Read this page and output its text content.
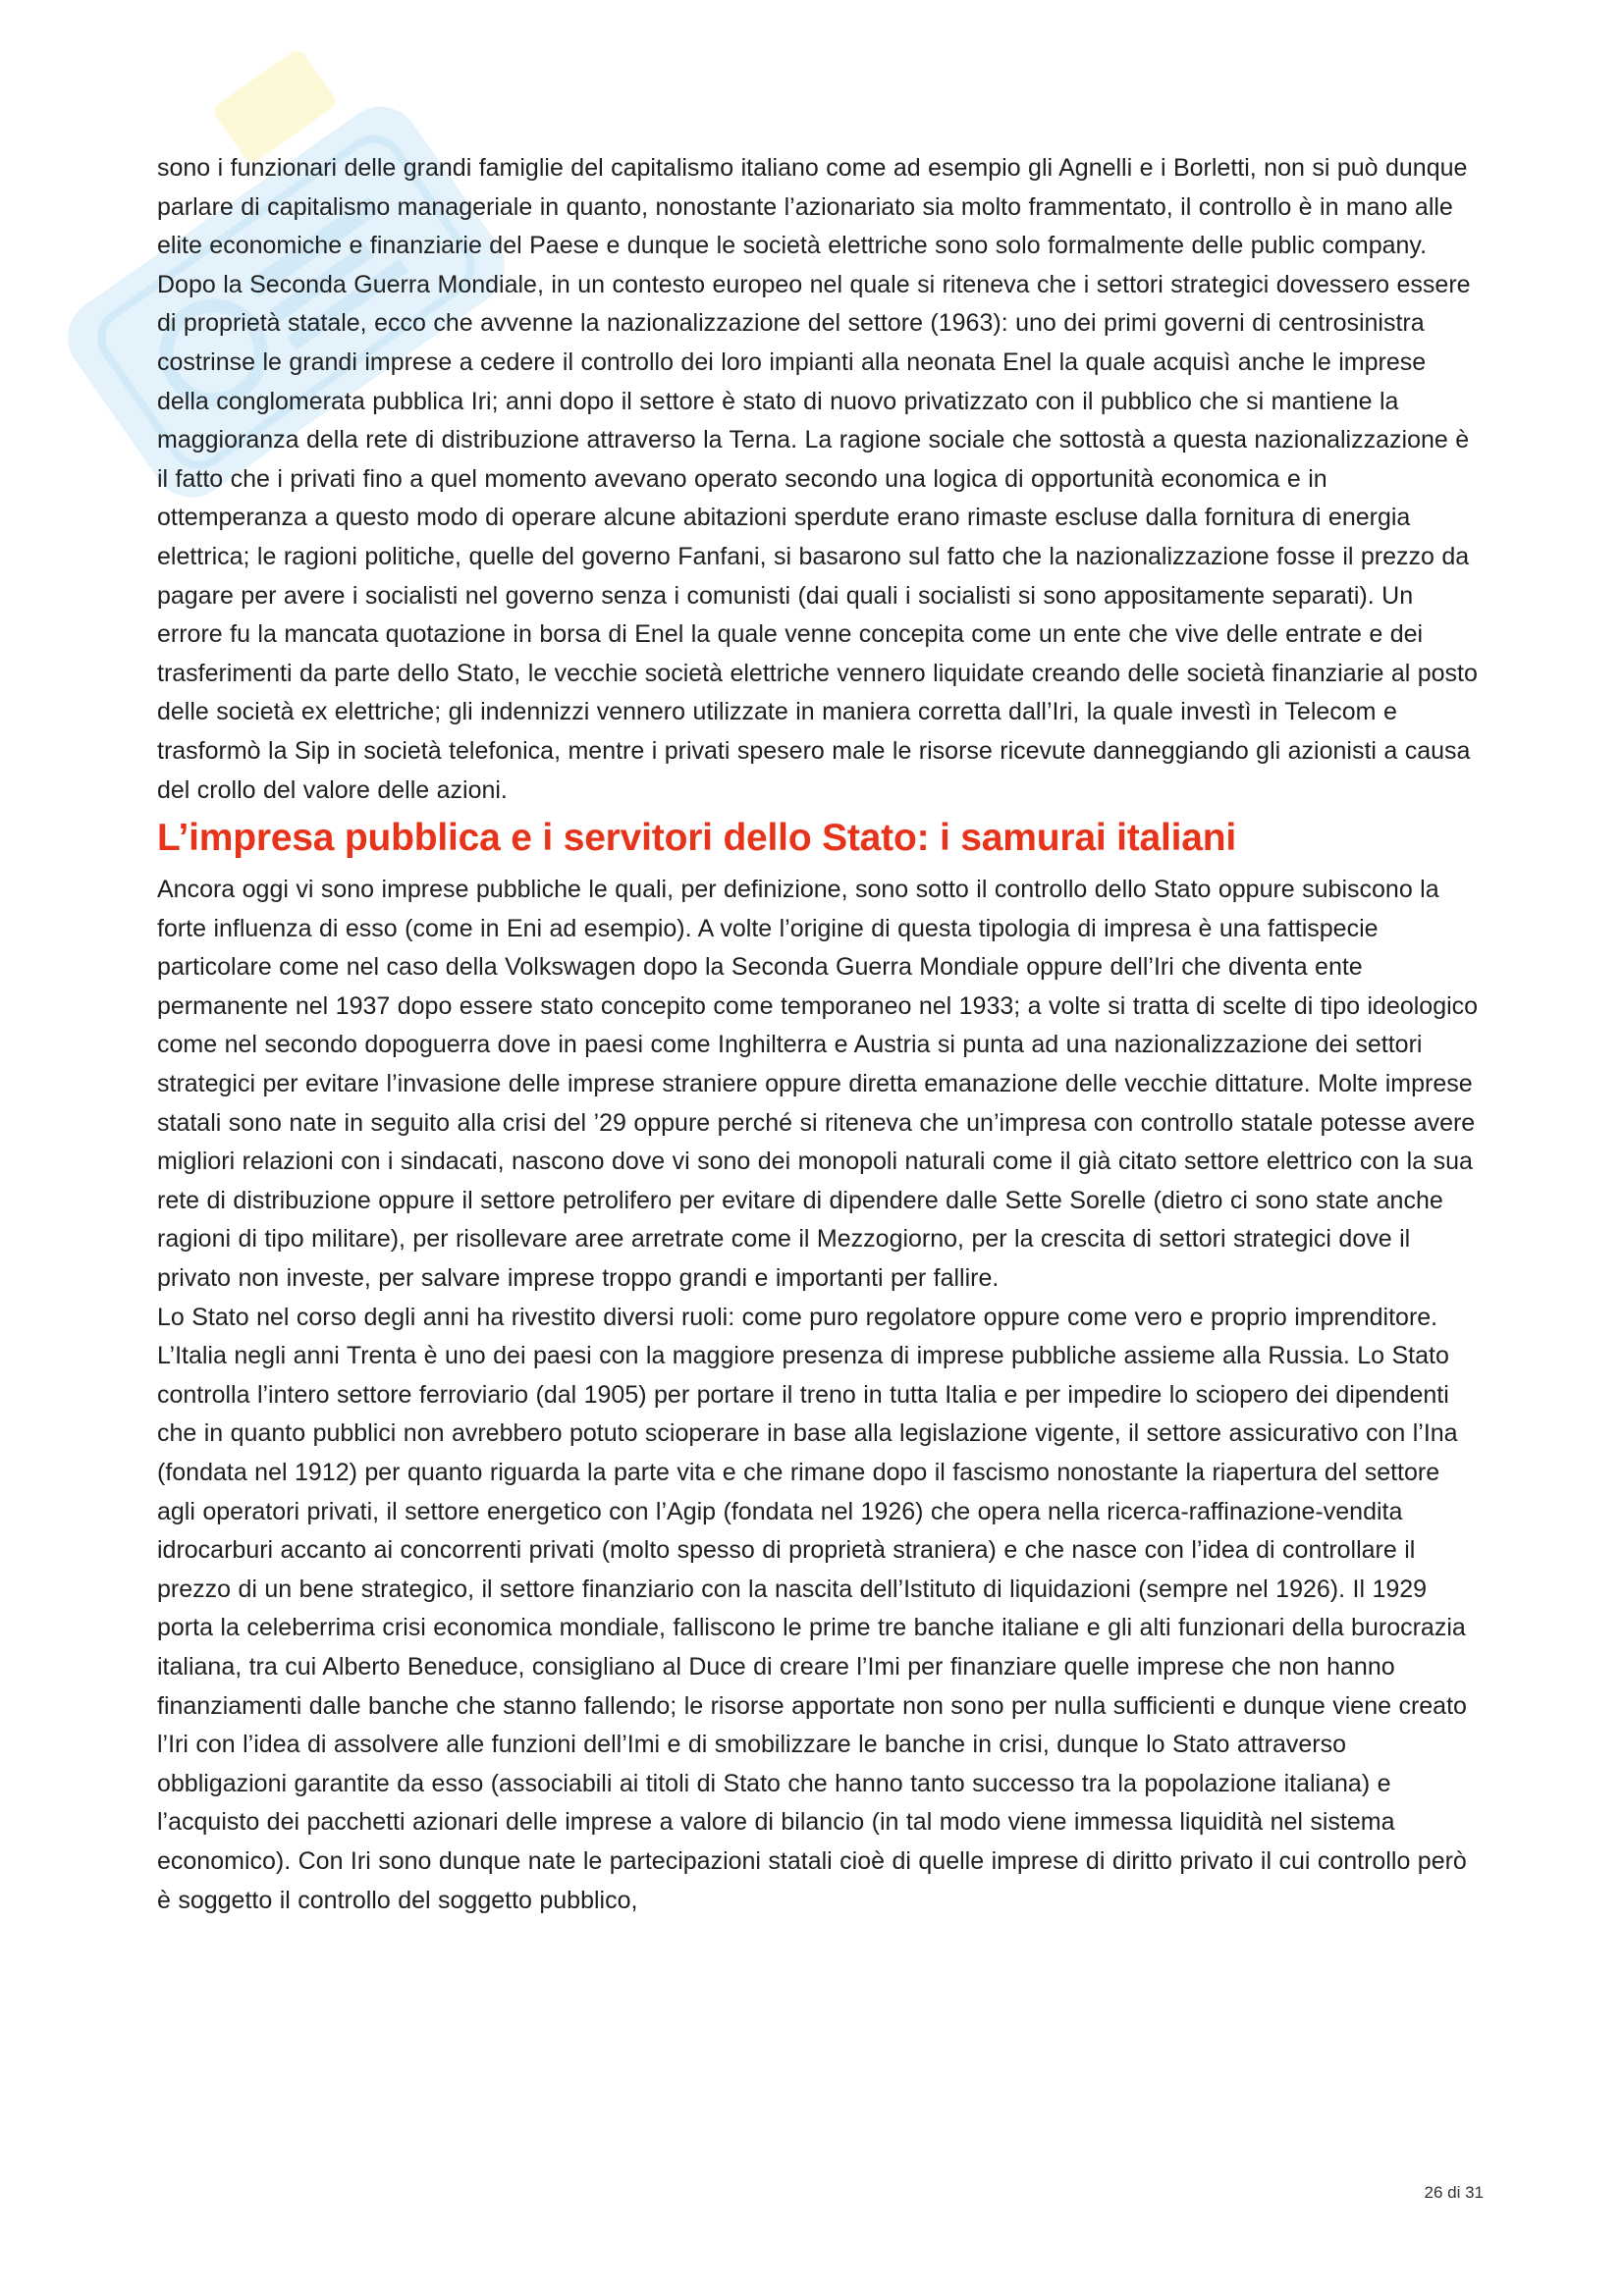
sono i funzionari delle grandi famiglie del capitalismo italiano come ad esempio gli Agnelli e i Borletti, non si può dunque parlare di capitalismo manageriale in quanto, nonostante l’azionariato sia molto frammentato, il controllo è in mano alle elite economiche e finanziarie del Paese e dunque le società elettriche sono solo formalmente delle public company.

Dopo la Seconda Guerra Mondiale, in un contesto europeo nel quale si riteneva che i settori strategici dovessero essere di proprietà statale, ecco che avvenne la nazionalizzazione del settore (1963): uno dei primi governi di centrosinistra costrinse le grandi imprese a cedere il controllo dei loro impianti alla neonata Enel la quale acquisì anche le imprese della conglomerata pubblica Iri; anni dopo il settore è stato di nuovo privatizzato con il pubblico che si mantiene la maggioranza della rete di distribuzione attraverso la Terna. La ragione sociale che sottostà a questa nazionalizzazione è il fatto che i privati fino a quel momento avevano operato secondo una logica di opportunità economica e in ottemperanza a questo modo di operare alcune abitazioni sperdute erano rimaste escluse dalla fornitura di energia elettrica; le ragioni politiche, quelle del governo Fanfani, si basarono sul fatto che la nazionalizzazione fosse il prezzo da pagare per avere i socialisti nel governo senza i comunisti (dai quali i socialisti si sono appositamente separati). Un errore fu la mancata quotazione in borsa di Enel la quale venne concepita come un ente che vive delle entrate e dei trasferimenti da parte dello Stato, le vecchie società elettriche vennero liquidate creando delle società finanziarie al posto delle società ex elettriche; gli indennizzi vennero utilizzate in maniera corretta dall’Iri, la quale investì in Telecom e trasformò la Sip in società telefonica, mentre i privati spesero male le risorse ricevute danneggiando gli azionisti a causa del crollo del valore delle azioni.

L’impresa pubblica e i servitori dello Stato: i samurai italiani

Ancora oggi vi sono imprese pubbliche le quali, per definizione, sono sotto il controllo dello Stato oppure subiscono la forte influenza di esso (come in Eni ad esempio). A volte l’origine di questa tipologia di impresa è una fattispecie particolare come nel caso della Volkswagen dopo la Seconda Guerra Mondiale oppure dell’Iri che diventa ente permanente nel 1937 dopo essere stato concepito come temporaneo nel 1933; a volte si tratta di scelte di tipo ideologico come nel secondo dopoguerra dove in paesi come Inghilterra e Austria si punta ad una nazionalizzazione dei settori strategici per evitare l’invasione delle imprese straniere oppure diretta emanazione delle vecchie dittature. Molte imprese statali sono nate in seguito alla crisi del ’29 oppure perché si riteneva che un’impresa con controllo statale potesse avere migliori relazioni con i sindacati, nascono dove vi sono dei monopoli naturali come il già citato settore elettrico con la sua rete di distribuzione oppure il settore petrolifero per evitare di dipendere dalle Sette Sorelle (dietro ci sono state anche ragioni di tipo militare), per risollevare aree arretrate come il Mezzogiorno, per la crescita di settori strategici dove il privato non investe, per salvare imprese troppo grandi e importanti per fallire.

Lo Stato nel corso degli anni ha rivestito diversi ruoli: come puro regolatore oppure come vero e proprio imprenditore.

L’Italia negli anni Trenta è uno dei paesi con la maggiore presenza di imprese pubbliche assieme alla Russia. Lo Stato controlla l’intero settore ferroviario (dal 1905) per portare il treno in tutta Italia e per impedire lo sciopero dei dipendenti che in quanto pubblici non avrebbero potuto scioperare in base alla legislazione vigente, il settore assicurativo con l’Ina (fondata nel 1912) per quanto riguarda la parte vita e che rimane dopo il fascismo nonostante la riapertura del settore agli operatori privati, il settore energetico con l’Agip (fondata nel 1926) che opera nella ricerca-raffinazione-vendita idrocarburi accanto ai concorrenti privati (molto spesso di proprietà straniera) e che nasce con l’idea di controllare il prezzo di un bene strategico, il settore finanziario con la nascita dell’Istituto di liquidazioni (sempre nel 1926). Il 1929 porta la celeberrima crisi economica mondiale, falliscono le prime tre banche italiane e gli alti funzionari della burocrazia italiana, tra cui Alberto Beneduce, consigliano al Duce di creare l’Imi per finanziare quelle imprese che non hanno finanziamenti dalle banche che stanno fallendo; le risorse apportate non sono per nulla sufficienti e dunque viene creato l’Iri con l’idea di assolvere alle funzioni dell’Imi e di smobilizzare le banche in crisi, dunque lo Stato attraverso obbligazioni garantite da esso (associabili ai titoli di Stato che hanno tanto successo tra la popolazione italiana) e l’acquisto dei pacchetti azionari delle imprese a valore di bilancio (in tal modo viene immessa liquidità nel sistema economico). Con Iri sono dunque nate le partecipazioni statali cioè di quelle imprese di diritto privato il cui controllo però è soggetto il controllo del soggetto pubblico,

26 di 31
